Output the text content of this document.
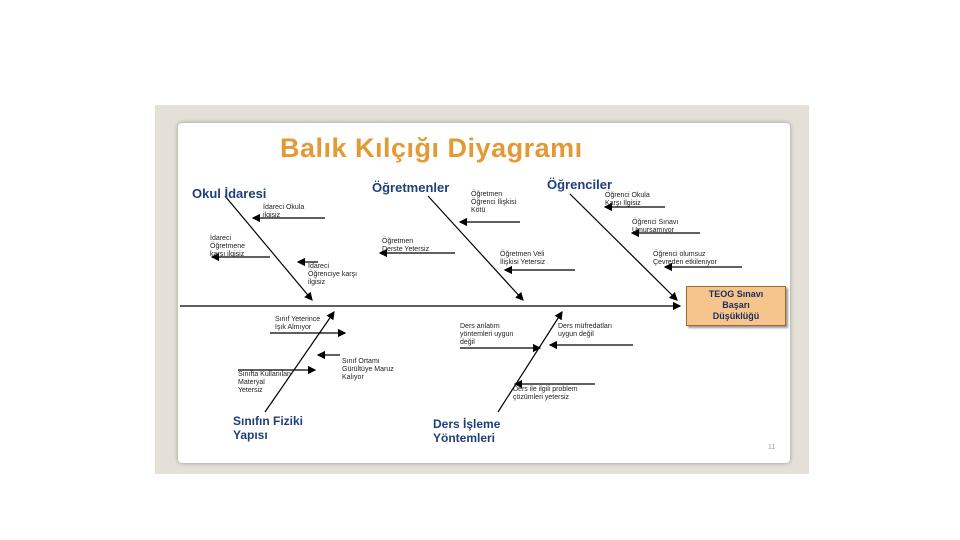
Balık Kılçığı Diyagramı
Okul İdaresi	Öğretmenler	Öğrenciler
Sınıfın Fiziki
Yapısı
Ders İşleme
Yöntemleri
İdareci Okula
ilgisiz
İdareci
Öğretmene
karşı ilgisiz
İdareci
Öğrenciye karşı
ilgisiz
Öğretmen
Öğrenci İlişkisi
Kötü
Öğretmen
Derste Yetersiz
Öğretmen Veli
İlişkisi Yetersiz
Öğrenci Okula
Karşı İlgisiz
Öğrenci Sınavı
Umursamıyor
Öğrenci olumsuz
Çevreden etkileniyor
Sınıf Yeterince
Işık Almıyor
Sınıfta Kullanılan
Materyal
Yetersiz
Sınıf Ortamı
Gürültüye Maruz
Kalıyor
Ders anlatım
yöntemleri uygun
değil
Ders müfredatları
uygun değil
Ders ile ilgili problem
çözümleri yetersiz
TEOG Sınavı
Başarı
Düşüklüğü
11
